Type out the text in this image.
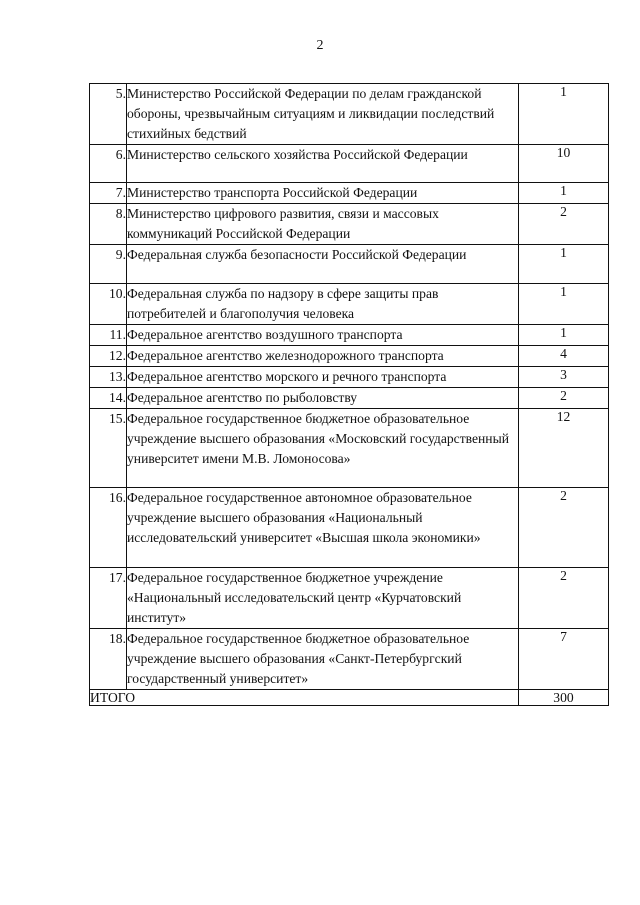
2
5.	Министерство Российской Федерации по делам гражданской обороны, чрезвычайным ситуациям и ликвидации последствий стихийных бедствий	1
6.	Министерство сельского хозяйства Российской Федерации	10
7.	Министерство транспорта Российской Федерации	1
8.	Министерство цифрового развития, связи и массовых коммуникаций Российской Федерации	2
9.	Федеральная служба безопасности Российской Федерации	1
10.	Федеральная служба по надзору в сфере защиты прав потребителей и благополучия человека	1
11.	Федеральное агентство воздушного транспорта	1
12.	Федеральное агентство железнодорожного транспорта	4
13.	Федеральное агентство морского и речного транспорта	3
14.	Федеральное агентство по рыболовству	2
15.	Федеральное государственное бюджетное образовательное учреждение высшего образования «Московский государственный университет имени М.В. Ломоносова»	12
16.	Федеральное государственное автономное образовательное учреждение высшего образования «Национальный исследовательский университет «Высшая школа экономики»	2
17.	Федеральное государственное бюджетное учреждение «Национальный исследовательский центр «Курчатовский институт»	2
18.	Федеральное государственное бюджетное образовательное учреждение высшего образования «Санкт-Петербургский государственный университет»	7
ИТОГО		300
